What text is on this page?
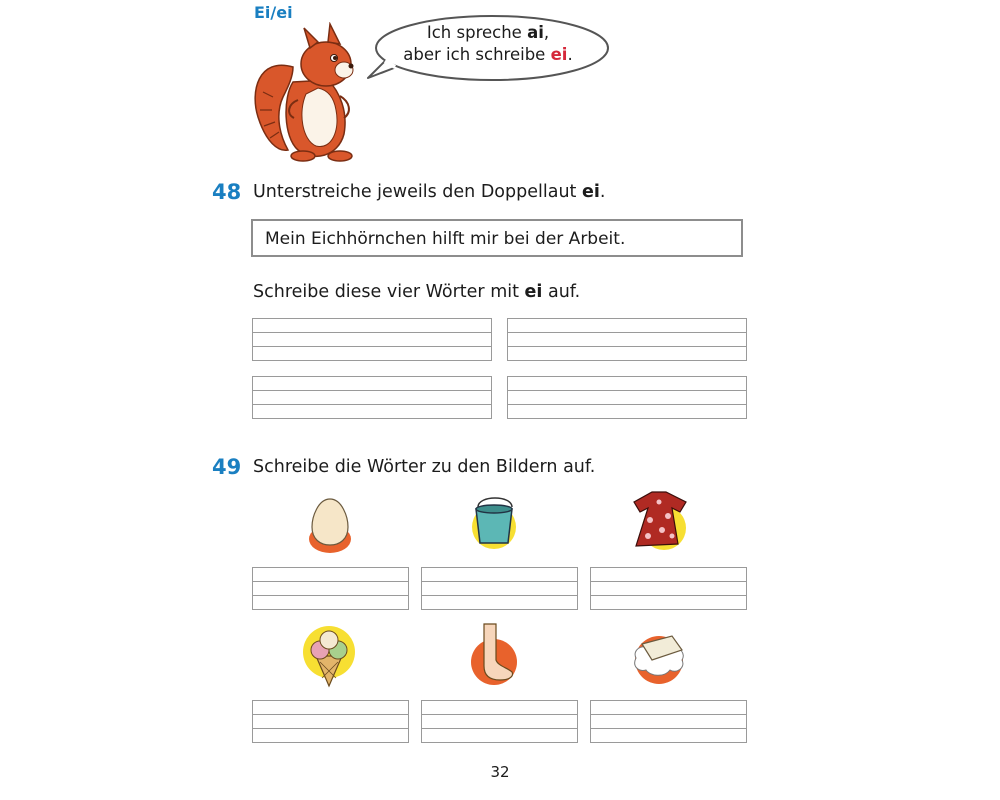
Ei/ei
Ich spreche ai,
aber ich schreibe ei.
48 Unterstreiche jeweils den Doppellaut ei.
Mein Eichhörnchen hilft mir bei der Arbeit.
Schreibe diese vier Wörter mit ei auf.
49 Schreibe die Wörter zu den Bildern auf.
32
